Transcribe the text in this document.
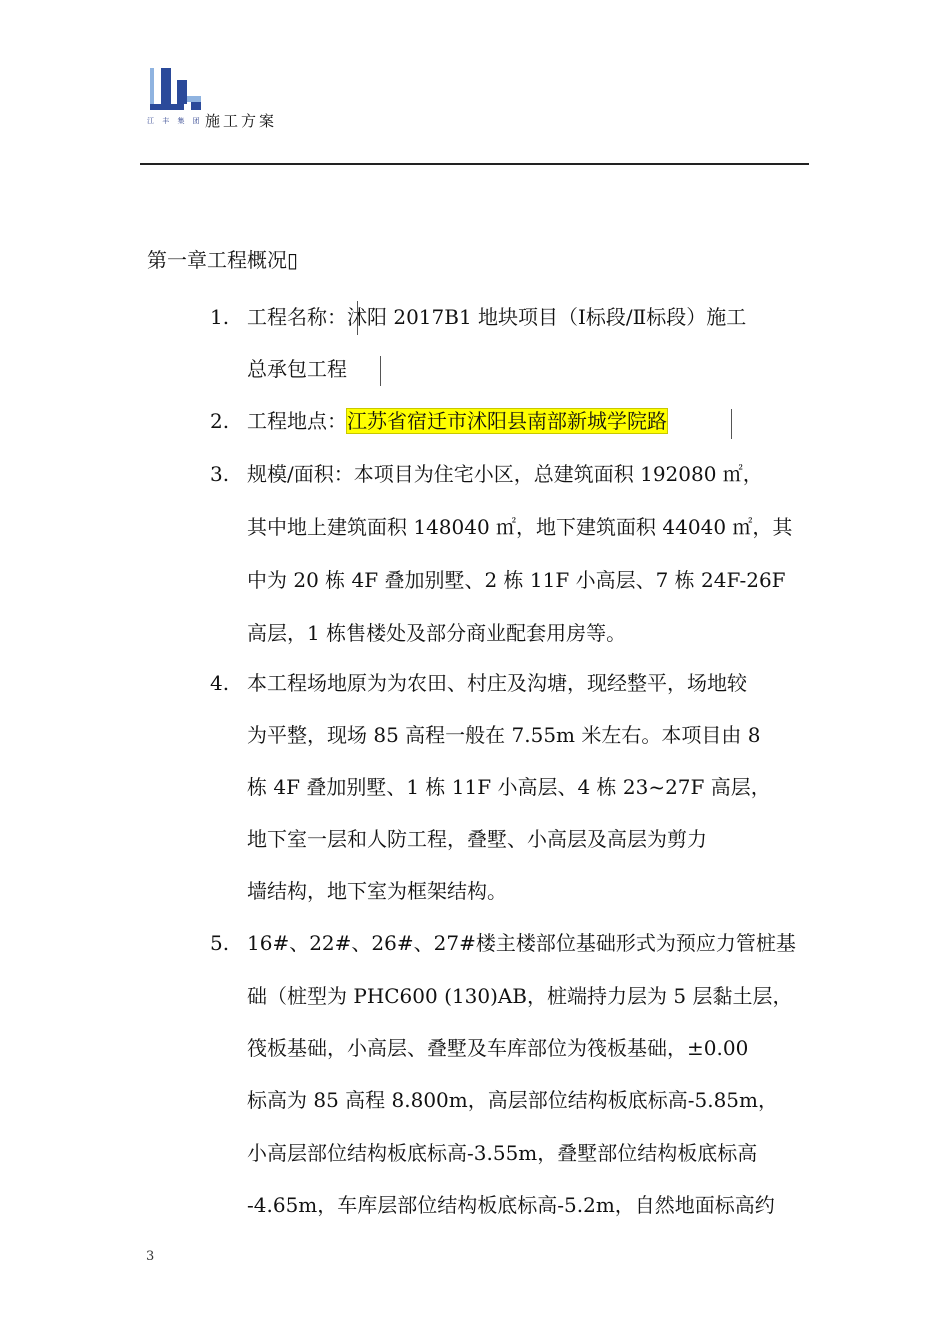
江 丰 集 团 施工方案
第一章工程概况▯
1. 工程名称：沭阳 2017B1 地块项目（Ⅰ标段/Ⅱ标段）施工
总承包工程
2. 工程地点：江苏省宿迁市沭阳县南部新城学院路
3. 规模/面积：本项目为住宅小区，总建筑面积 192080 ㎡，
其中地上建筑面积 148040 ㎡，地下建筑面积 44040 ㎡，其
中为 20 栋 4F 叠加别墅、2 栋 11F 小高层、7 栋 24F-26F
高层，1 栋售楼处及部分商业配套用房等。
4. 本工程场地原为为农田、村庄及沟塘，现经整平，场地较
为平整，现场 85 高程一般在 7.55m 米左右。本项目由 8
栋 4F 叠加别墅、1 栋 11F 小高层、4 栋 23~27F 高层，
地下室一层和人防工程，叠墅、小高层及高层为剪力
墙结构，地下室为框架结构。
5. 16#、22#、26#、27#楼主楼部位基础形式为预应力管桩基
础（桩型为 PHC600 (130)AB，桩端持力层为 5 层黏土层，
筏板基础，小高层、叠墅及车库部位为筏板基础，±0.00
标高为 85 高程 8.800m，高层部位结构板底标高-5.85m，
小高层部位结构板底标高-3.55m，叠墅部位结构板底标高
-4.65m，车库层部位结构板底标高-5.2m，自然地面标高约
3
